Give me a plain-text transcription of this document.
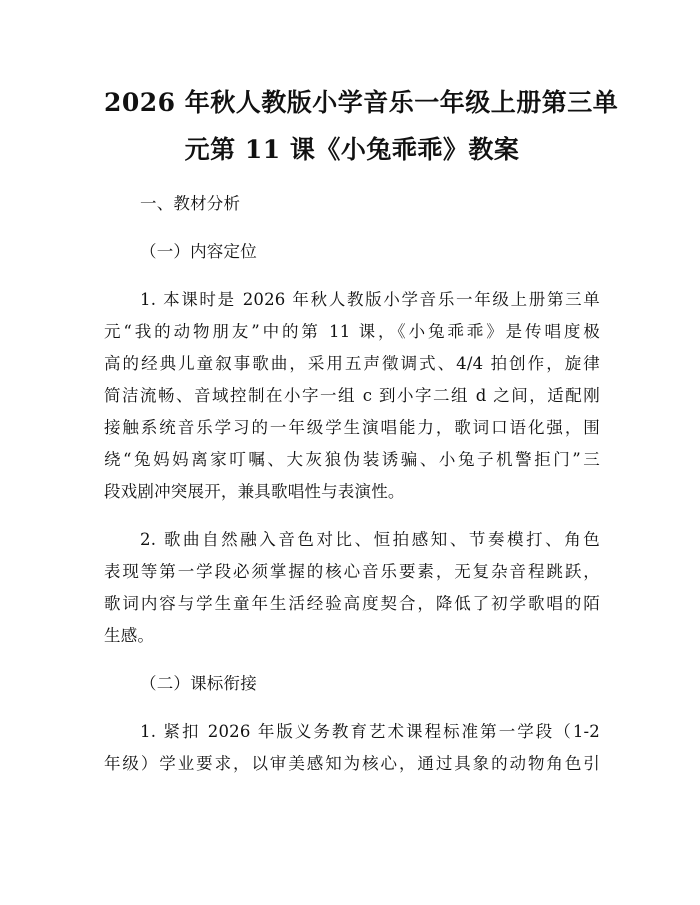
2026 年秋人教版小学音乐一年级上册第三单
元第 11 课《小兔乖乖》教案
一、教材分析
（一）内容定位
1. 本课时是 2026 年秋人教版小学音乐一年级上册第三单
元“我的动物朋友”中的第 11 课，《小兔乖乖》是传唱度极
高的经典儿童叙事歌曲，采用五声徵调式、4/4 拍创作，旋律
简洁流畅、音域控制在小字一组 c 到小字二组 d 之间，适配刚
接触系统音乐学习的一年级学生演唱能力，歌词口语化强，围
绕“兔妈妈离家叮嘱、大灰狼伪装诱骗、小兔子机警拒门”三
段戏剧冲突展开，兼具歌唱性与表演性。
2. 歌曲自然融入音色对比、恒拍感知、节奏模打、角色
表现等第一学段必须掌握的核心音乐要素，无复杂音程跳跃，
歌词内容与学生童年生活经验高度契合，降低了初学歌唱的陌
生感。
（二）课标衔接
1. 紧扣 2026 年版义务教育艺术课程标准第一学段（1-2
年级）学业要求，以审美感知为核心，通过具象的动物角色引
